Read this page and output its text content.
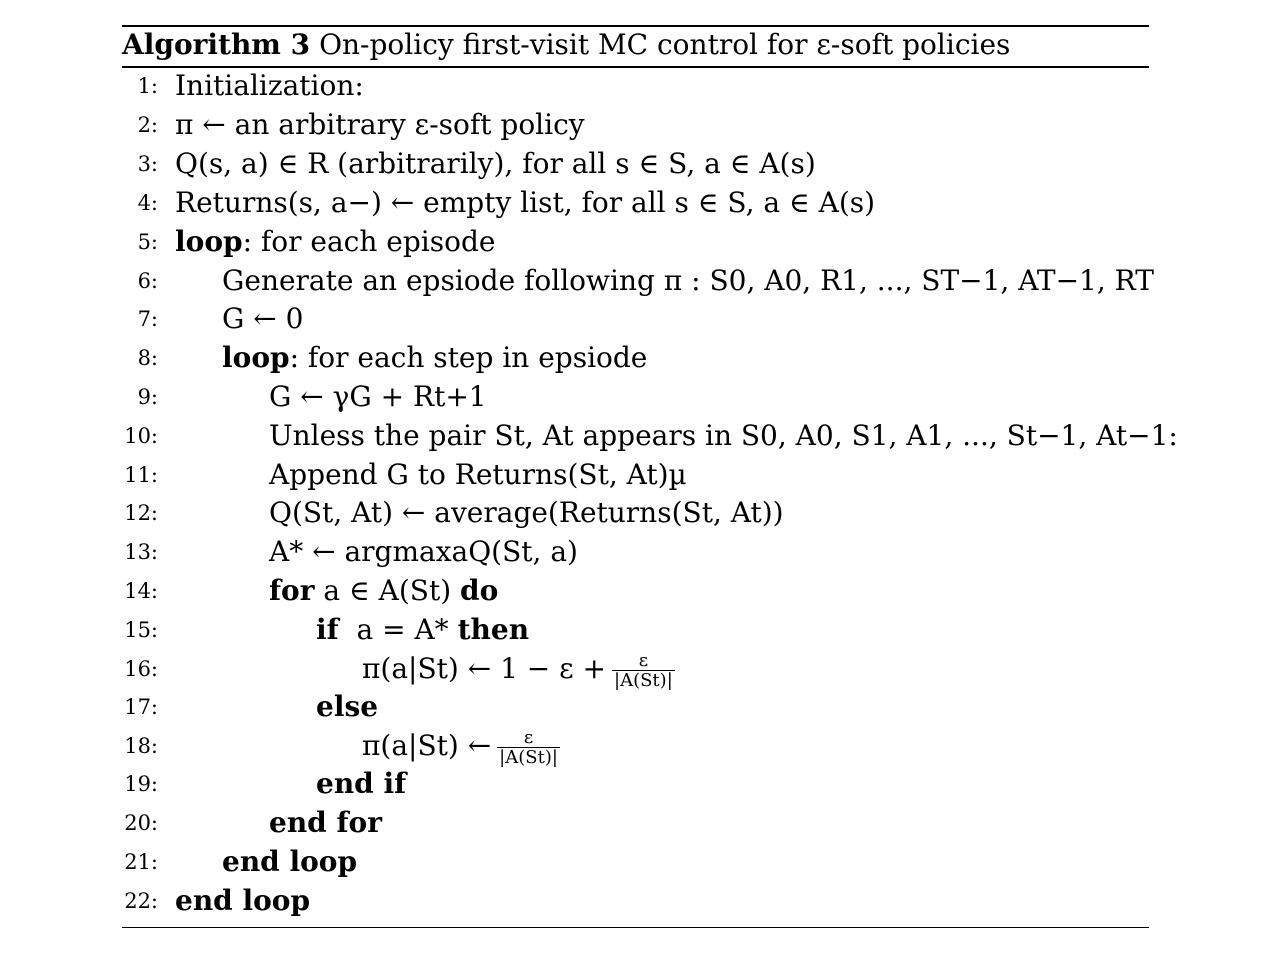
Algorithm 3 On-policy first-visit MC control for ε-soft policies
1: Initialization:
2: π ← an arbitrary ε-soft policy
3: Q(s, a) ∈ R (arbitrarily), for all s ∈ S, a ∈ A(s)
4: Returns(s, a−) ← empty list, for all s ∈ S, a ∈ A(s)
5: loop: for each episode
6: Generate an epsiode following π : S0, A0, R1, ..., ST−1, AT−1, RT
7: G ← 0
8: loop: for each step in epsiode
9:	G ← γG + Rt+1
10:	Unless the pair St, At appears in S0, A0, S1, A1, ..., St−1, At−1:
11:	Append G to Returns(St, At)µ
12:	Q(St, At) ← average(Returns(St, At))
13:	A* ← argmaxaQ(St, a)
14:	for a ∈ A(St) do
15:	if a = A* then
16:	π(a|St) ← $1 - \varepsilon + \frac{\varepsilon}{|A(St)|}$
17:	else
18:	π(a|St) ← $\frac{\varepsilon}{|A(St)|}$
19:	end if
20:	end for
21: end loop
22: end loop
